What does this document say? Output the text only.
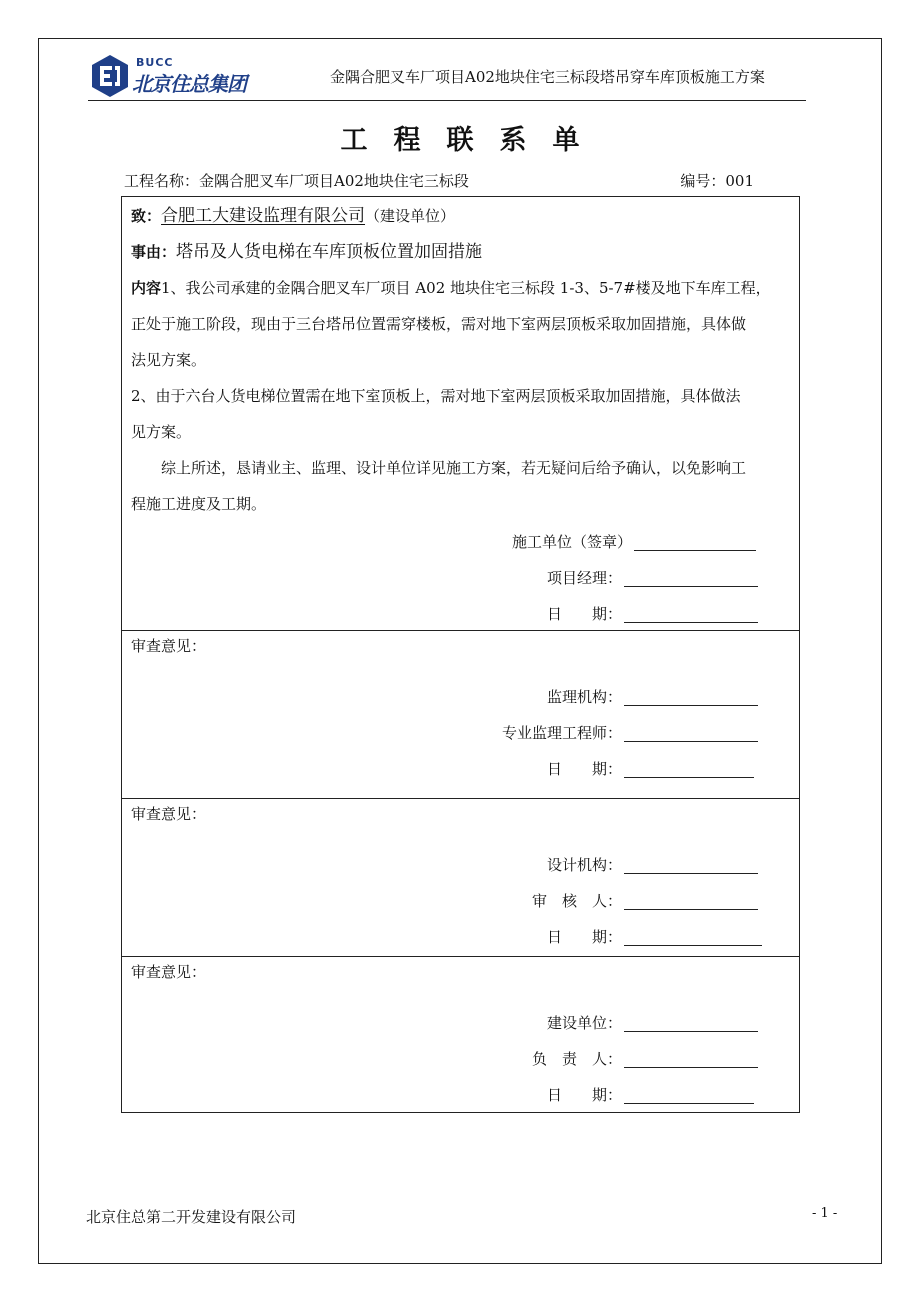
BUCC
北京住总集团	金隅合肥叉车厂项目A02地块住宅三标段塔吊穿车库顶板施工方案
工程联系单
工程名称：金隅合肥叉车厂项目A02地块住宅三标段	编号：001
致：合肥工大建设监理有限公司（建设单位）
事由：塔吊及人货电梯在车库顶板位置加固措施
内容1、我公司承建的金隅合肥叉车厂项目 A02 地块住宅三标段 1-3、5-7#楼及地下车库工程，
正处于施工阶段，现由于三台塔吊位置需穿楼板，需对地下室两层顶板采取加固措施，具体做
法见方案。
2、由于六台人货电梯位置需在地下室顶板上，需对地下室两层顶板采取加固措施，具体做法
见方案。
　　综上所述，恳请业主、监理、设计单位详见施工方案，若无疑问后给予确认，以免影响工
程施工进度及工期。
施工单位（签章）
项目经理：
日　　期：
审查意见：
监理机构：
专业监理工程师：
日　　期：
审查意见：
设计机构：
审　核　人：
日　　期：
审查意见：
建设单位：
负　责　人：
日　　期：
北京住总第二开发建设有限公司	- 1 -
